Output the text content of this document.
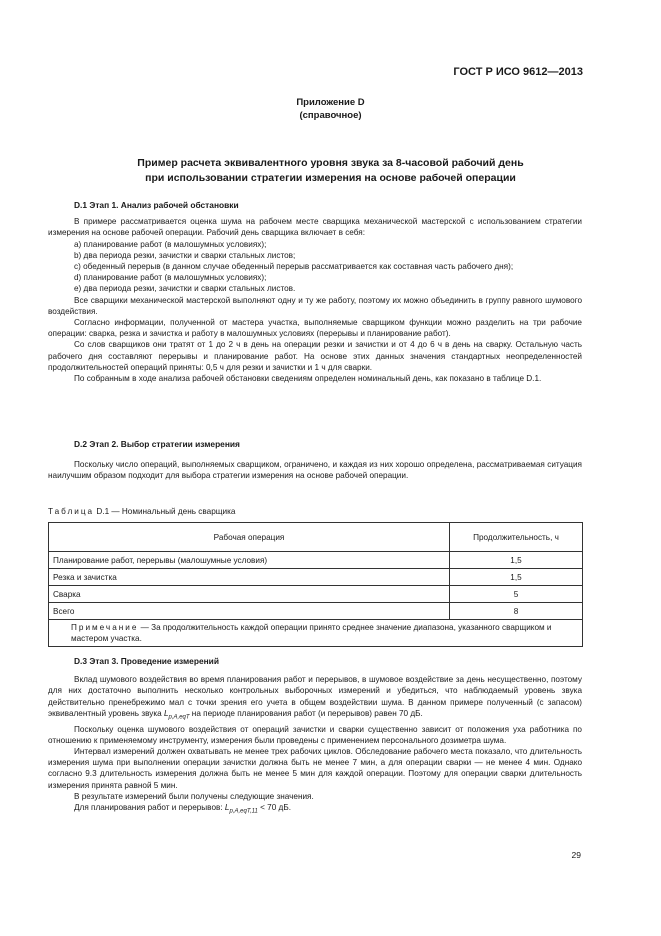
ГОСТ Р ИСО 9612—2013
Приложение D
(справочное)
Пример расчета эквивалентного уровня звука за 8-часовой рабочий день
при использовании стратегии измерения на основе рабочей операции
D.1 Этап 1. Анализ рабочей обстановки

В примере рассматривается оценка шума на рабочем месте сварщика механической мастерской с использованием стратегии измерения на основе рабочей операции. Рабочий день сварщика включает в себя:

a) планирование работ (в малошумных условиях);

b) два периода резки, зачистки и сварки стальных листов;

c) обеденный перерыв (в данном случае обеденный перерыв рассматривается как составная часть рабочего дня);

d) планирование работ (в малошумных условиях);

e) два периода резки, зачистки и сварки стальных листов.

Все сварщики механической мастерской выполняют одну и ту же работу, поэтому их можно объединить в группу равного шумового воздействия.

Согласно информации, полученной от мастера участка, выполняемые сварщиком функции можно разделить на три рабочие операции: сварка, резка и зачистка и работу в малошумных условиях (перерывы и планирование работ).

Со слов сварщиков они тратят от 1 до 2 ч в день на операции резки и зачистки и от 4 до 6 ч в день на сварку. Остальную часть рабочего дня составляют перерывы и планирование работ. На основе этих данных значения стандартных неопределенностей продолжительностей операций приняты: 0,5 ч для резки и зачистки и 1 ч для сварки.

По собранным в ходе анализа рабочей обстановки сведениям определен номинальный день, как показано в таблице D.1.

D.2 Этап 2. Выбор стратегии измерения

Поскольку число операций, выполняемых сварщиком, ограничено, и каждая из них хорошо определена, рассматриваемая ситуация наилучшим образом подходит для выбора стратегии измерения на основе рабочей операции.

Таблица D.1 — Номинальный день сварщика
Рабочая операция	Продолжительность, ч
Планирование работ, перерывы (малошумные условия)	1,5
Резка и зачистка	1,5
Сварка	5
Всего	8
Примечание — За продолжительность каждой операции принято среднее значение диапазона, указанного сварщиком и мастером участка.	
D.3 Этап 3. Проведение измерений

Вклад шумового воздействия во время планирования работ и перерывов, в шумовое воздействие за день несущественно, поэтому для них достаточно выполнить несколько контрольных выборочных измерений и убедиться, что наблюдаемый уровень звука действительно пренебрежимо мал с точки зрения его учета в общем воздействии шума. В данном примере полученный (с запасом) эквивалентный уровень звука $L_{p,A,eqT}$ на периоде планирования работ (и перерывов) равен 70 дБ.

Поскольку оценка шумового воздействия от операций зачистки и сварки существенно зависит от положения уха работника по отношению к применяемому инструменту, измерения были проведены с применением персонального дозиметра шума.

Интервал измерений должен охватывать не менее трех рабочих циклов. Обследование рабочего места показало, что длительность измерения шума при выполнении операции зачистки должна быть не менее 7 мин, а для операции сварки — не менее 4 мин. Однако согласно 9.3 длительность измерения должна быть не менее 5 мин для каждой операции. Поэтому для операции сварки длительность измерения принята равной 5 мин.

В результате измерений были получены следующие значения.

Для планирования работ и перерывов: $L_{p,A,eqT,11} < 70$ дБ.

29
